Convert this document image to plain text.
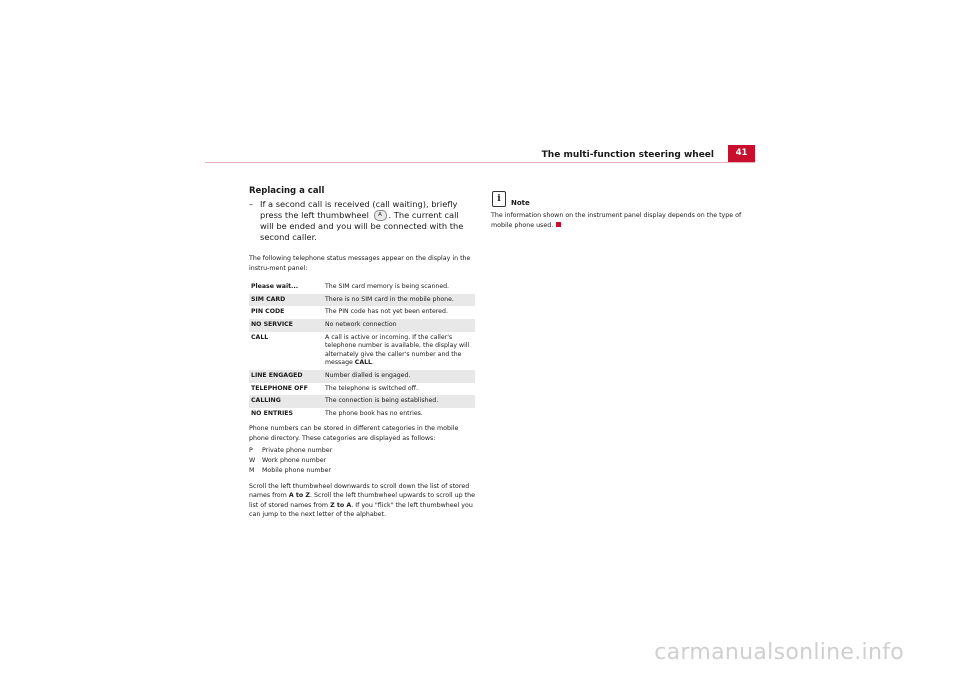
The multi-function steering wheel	41
Replacing a call
– If a second call is received (call waiting), briefly press the left thumbwheel A . The current call will be ended and you will be connected with the second caller.

The following telephone status messages appear on the display in the instru-ment panel:

Please wait...	The SIM card memory is being scanned.
SIM CARD	There is no SIM card in the mobile phone.
PIN CODE	The PIN code has not yet been entered.
NO SERVICE	No network connection
CALL	A call is active or incoming. If the caller's telephone number is available, the display will alternately give the caller's number and the message CALL.
LINE ENGAGED	Number dialled is engaged.
TELEPHONE OFF	The telephone is switched off.
CALLING	The connection is being established.
NO ENTRIES	The phone book has no entries.

Phone numbers can be stored in different categories in the mobile phone directory. These categories are displayed as follows:

P	Private phone number
W	Work phone number
M	Mobile phone number

Scroll the left thumbwheel downwards to scroll down the list of stored names from A to Z. Scroll the left thumbwheel upwards to scroll up the list of stored names from Z to A. If you "flick" the left thumbwheel you can jump to the next letter of the alphabet.

i	Note

The information shown on the instrument panel display depends on the type of mobile phone used.

carmanualsonline.info
